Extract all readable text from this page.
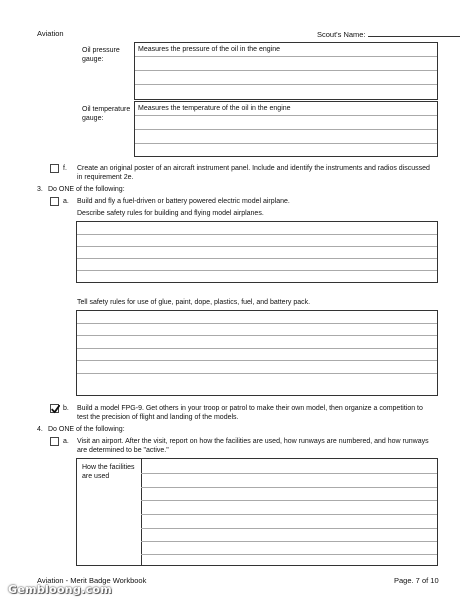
Aviation	Scout's Name:
Oil pressure
gauge:
Measures the pressure of the oil in the engine
Oil temperature
gauge:
Measures the temperature of the oil in the engine
f. Create an original poster of an aircraft instrument panel. Include and identify the instruments and radios discussed
in requirement 2e.
3. Do ONE of the following:
a. Build and fly a fuel-driven or battery powered electric model airplane.
Describe safety rules for building and flying model airplanes.
Tell safety rules for use of glue, paint, dope, plastics, fuel, and battery pack.
b. Build a model FPG-9. Get others in your troop or patrol to make their own model, then organize a competition to
test the precision of flight and landing of the models.
4. Do ONE of the following:
a. Visit an airport. After the visit, report on how the facilities are used, how runways are numbered, and how runways
are determined to be "active."
How the facilities
are used
Aviation - Merit Badge Workbook	Page. 7 of 10
Gembloong.com
